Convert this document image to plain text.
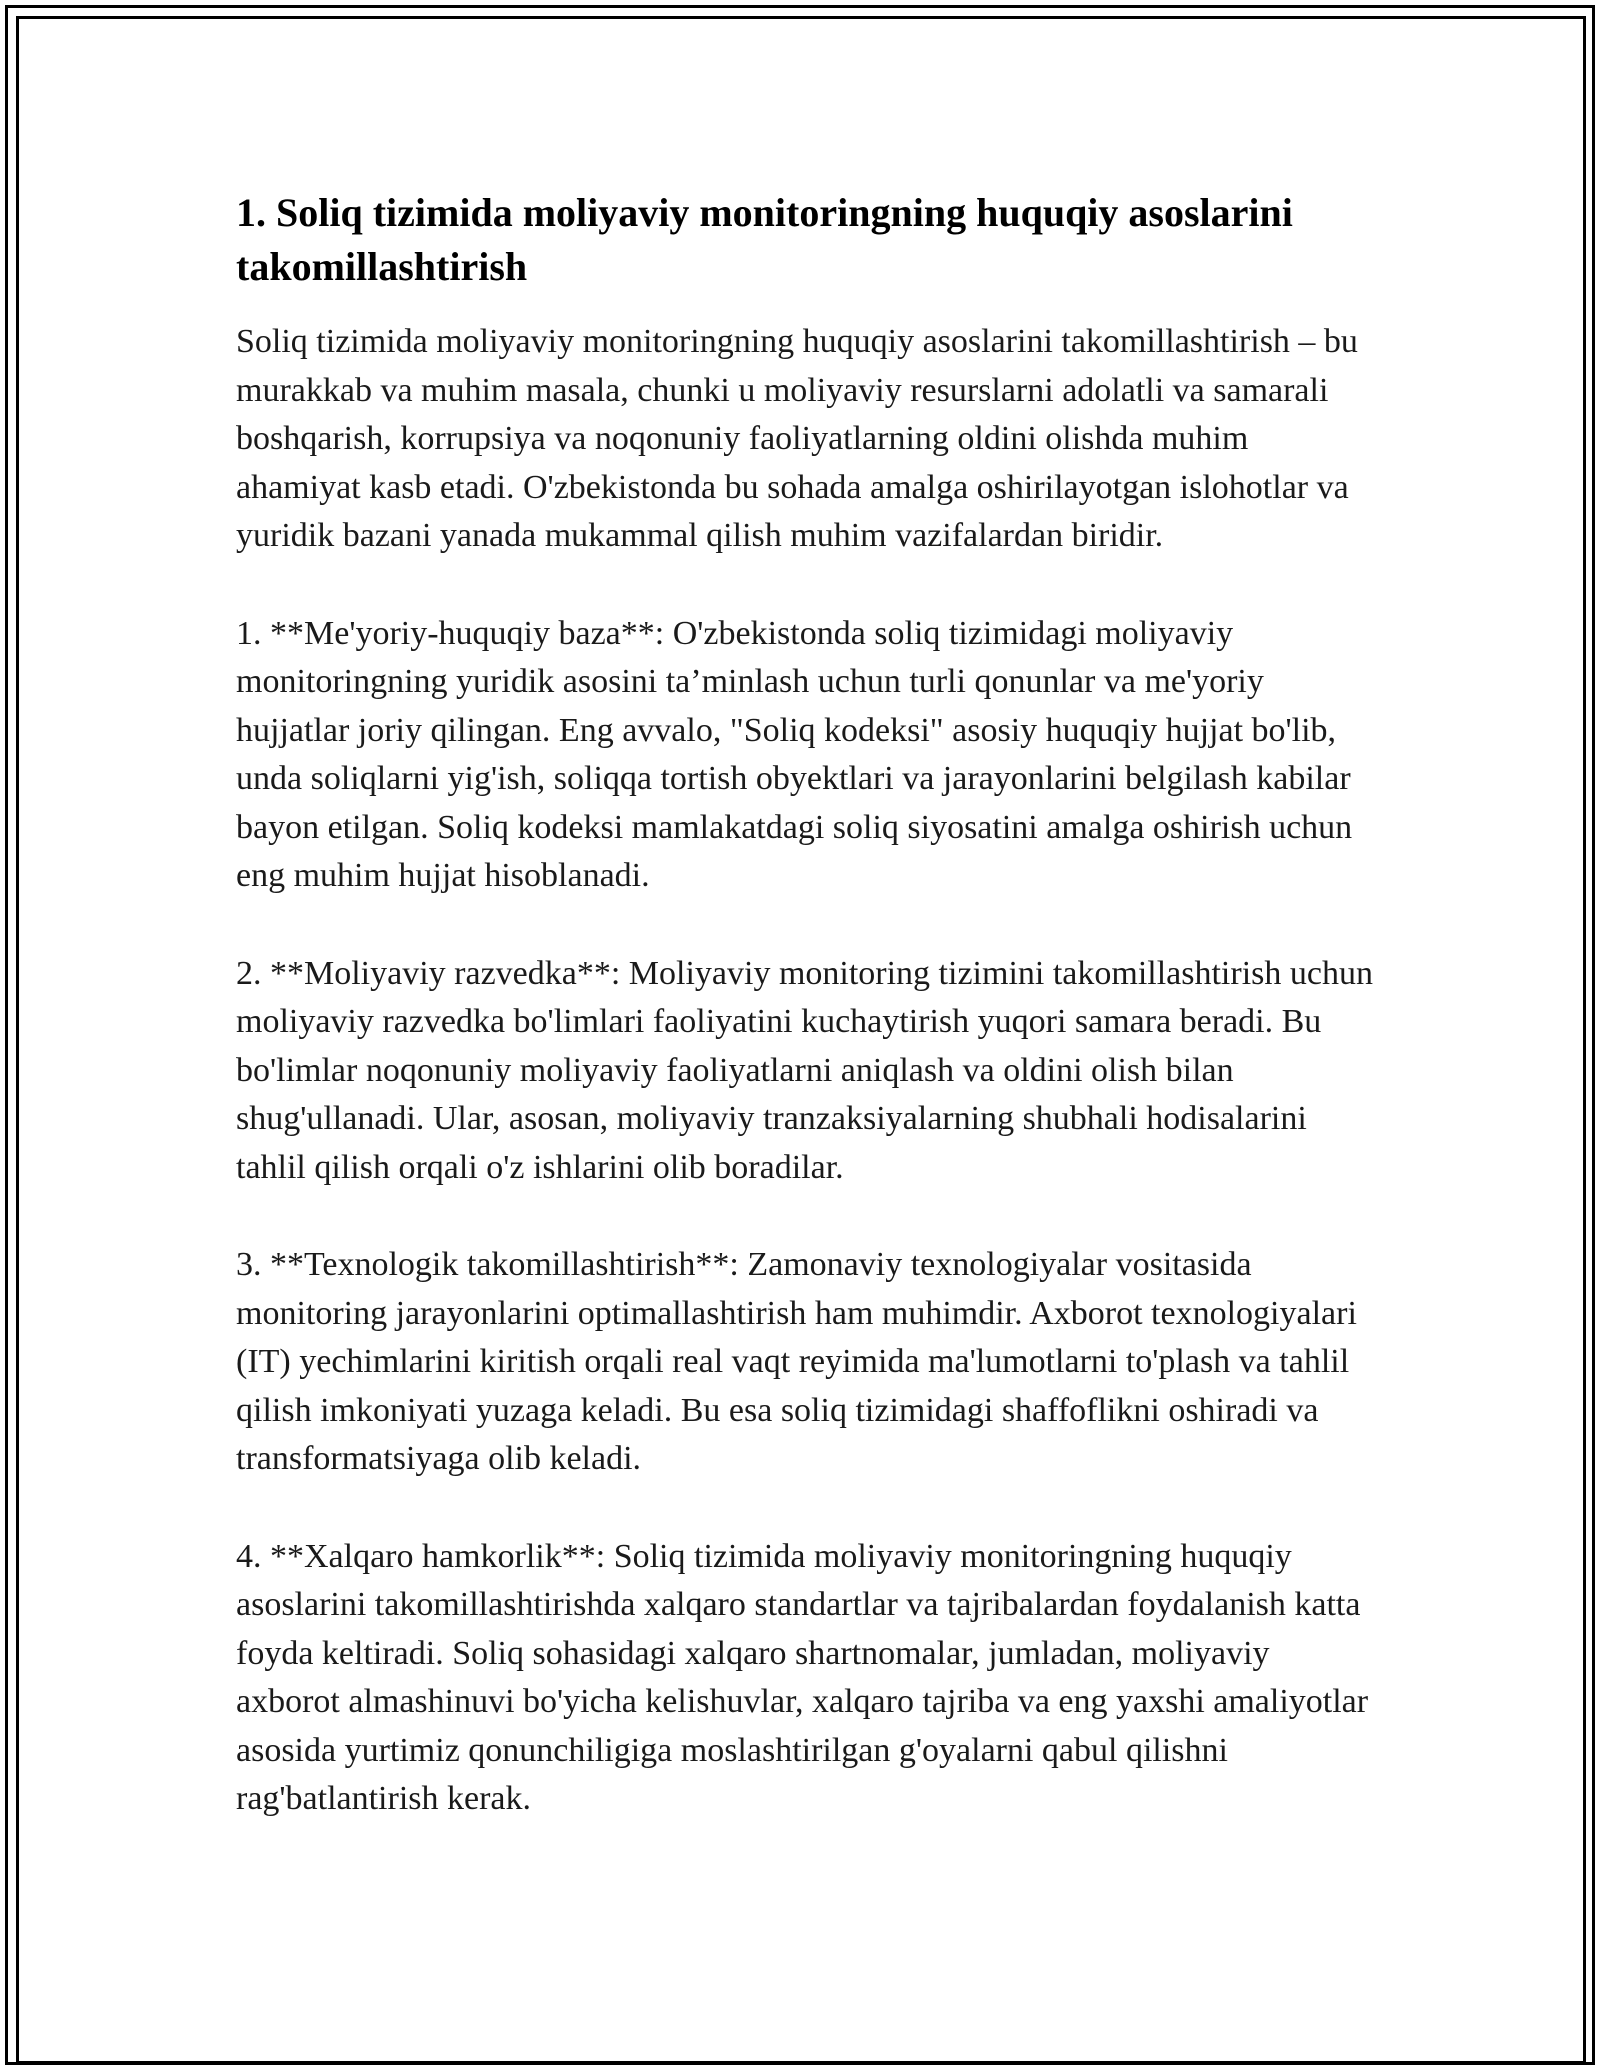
1. Soliq tizimida moliyaviy monitoringning huquqiy asoslarini takomillashtirish

Soliq tizimida moliyaviy monitoringning huquqiy asoslarini takomillashtirish – bu murakkab va muhim masala, chunki u moliyaviy resurslarni adolatli va samarali boshqarish, korrupsiya va noqonuniy faoliyatlarning oldini olishda muhim ahamiyat kasb etadi. O'zbekistonda bu sohada amalga oshirilayotgan islohotlar va yuridik bazani yanada mukammal qilish muhim vazifalardan biridir.

1. **Me'yoriy-huquqiy baza**: O'zbekistonda soliq tizimidagi moliyaviy monitoringning yuridik asosini ta’minlash uchun turli qonunlar va me'yoriy hujjatlar joriy qilingan. Eng avvalo, "Soliq kodeksi" asosiy huquqiy hujjat bo'lib, unda soliqlarni yig'ish, soliqqa tortish obyektlari va jarayonlarini belgilash kabilar bayon etilgan. Soliq kodeksi mamlakatdagi soliq siyosatini amalga oshirish uchun eng muhim hujjat hisoblanadi.

2. **Moliyaviy razvedka**: Moliyaviy monitoring tizimini takomillashtirish uchun moliyaviy razvedka bo'limlari faoliyatini kuchaytirish yuqori samara beradi. Bu bo'limlar noqonuniy moliyaviy faoliyatlarni aniqlash va oldini olish bilan shug'ullanadi. Ular, asosan, moliyaviy tranzaksiyalarning shubhali hodisalarini tahlil qilish orqali o'z ishlarini olib boradilar.

3. **Texnologik takomillashtirish**: Zamonaviy texnologiyalar vositasida monitoring jarayonlarini optimallashtirish ham muhimdir. Axborot texnologiyalari (IT) yechimlarini kiritish orqali real vaqt reyimida ma'lumotlarni to'plash va tahlil qilish imkoniyati yuzaga keladi. Bu esa soliq tizimidagi shaffoflikni oshiradi va transformatsiyaga olib keladi.

4. **Xalqaro hamkorlik**: Soliq tizimida moliyaviy monitoringning huquqiy asoslarini takomillashtirishda xalqaro standartlar va tajribalardan foydalanish katta foyda keltiradi. Soliq sohasidagi xalqaro shartnomalar, jumladan, moliyaviy axborot almashinuvi bo'yicha kelishuvlar, xalqaro tajriba va eng yaxshi amaliyotlar asosida yurtimiz qonunchiligiga moslashtirilgan g'oyalarni qabul qilishni rag'batlantirish kerak.
